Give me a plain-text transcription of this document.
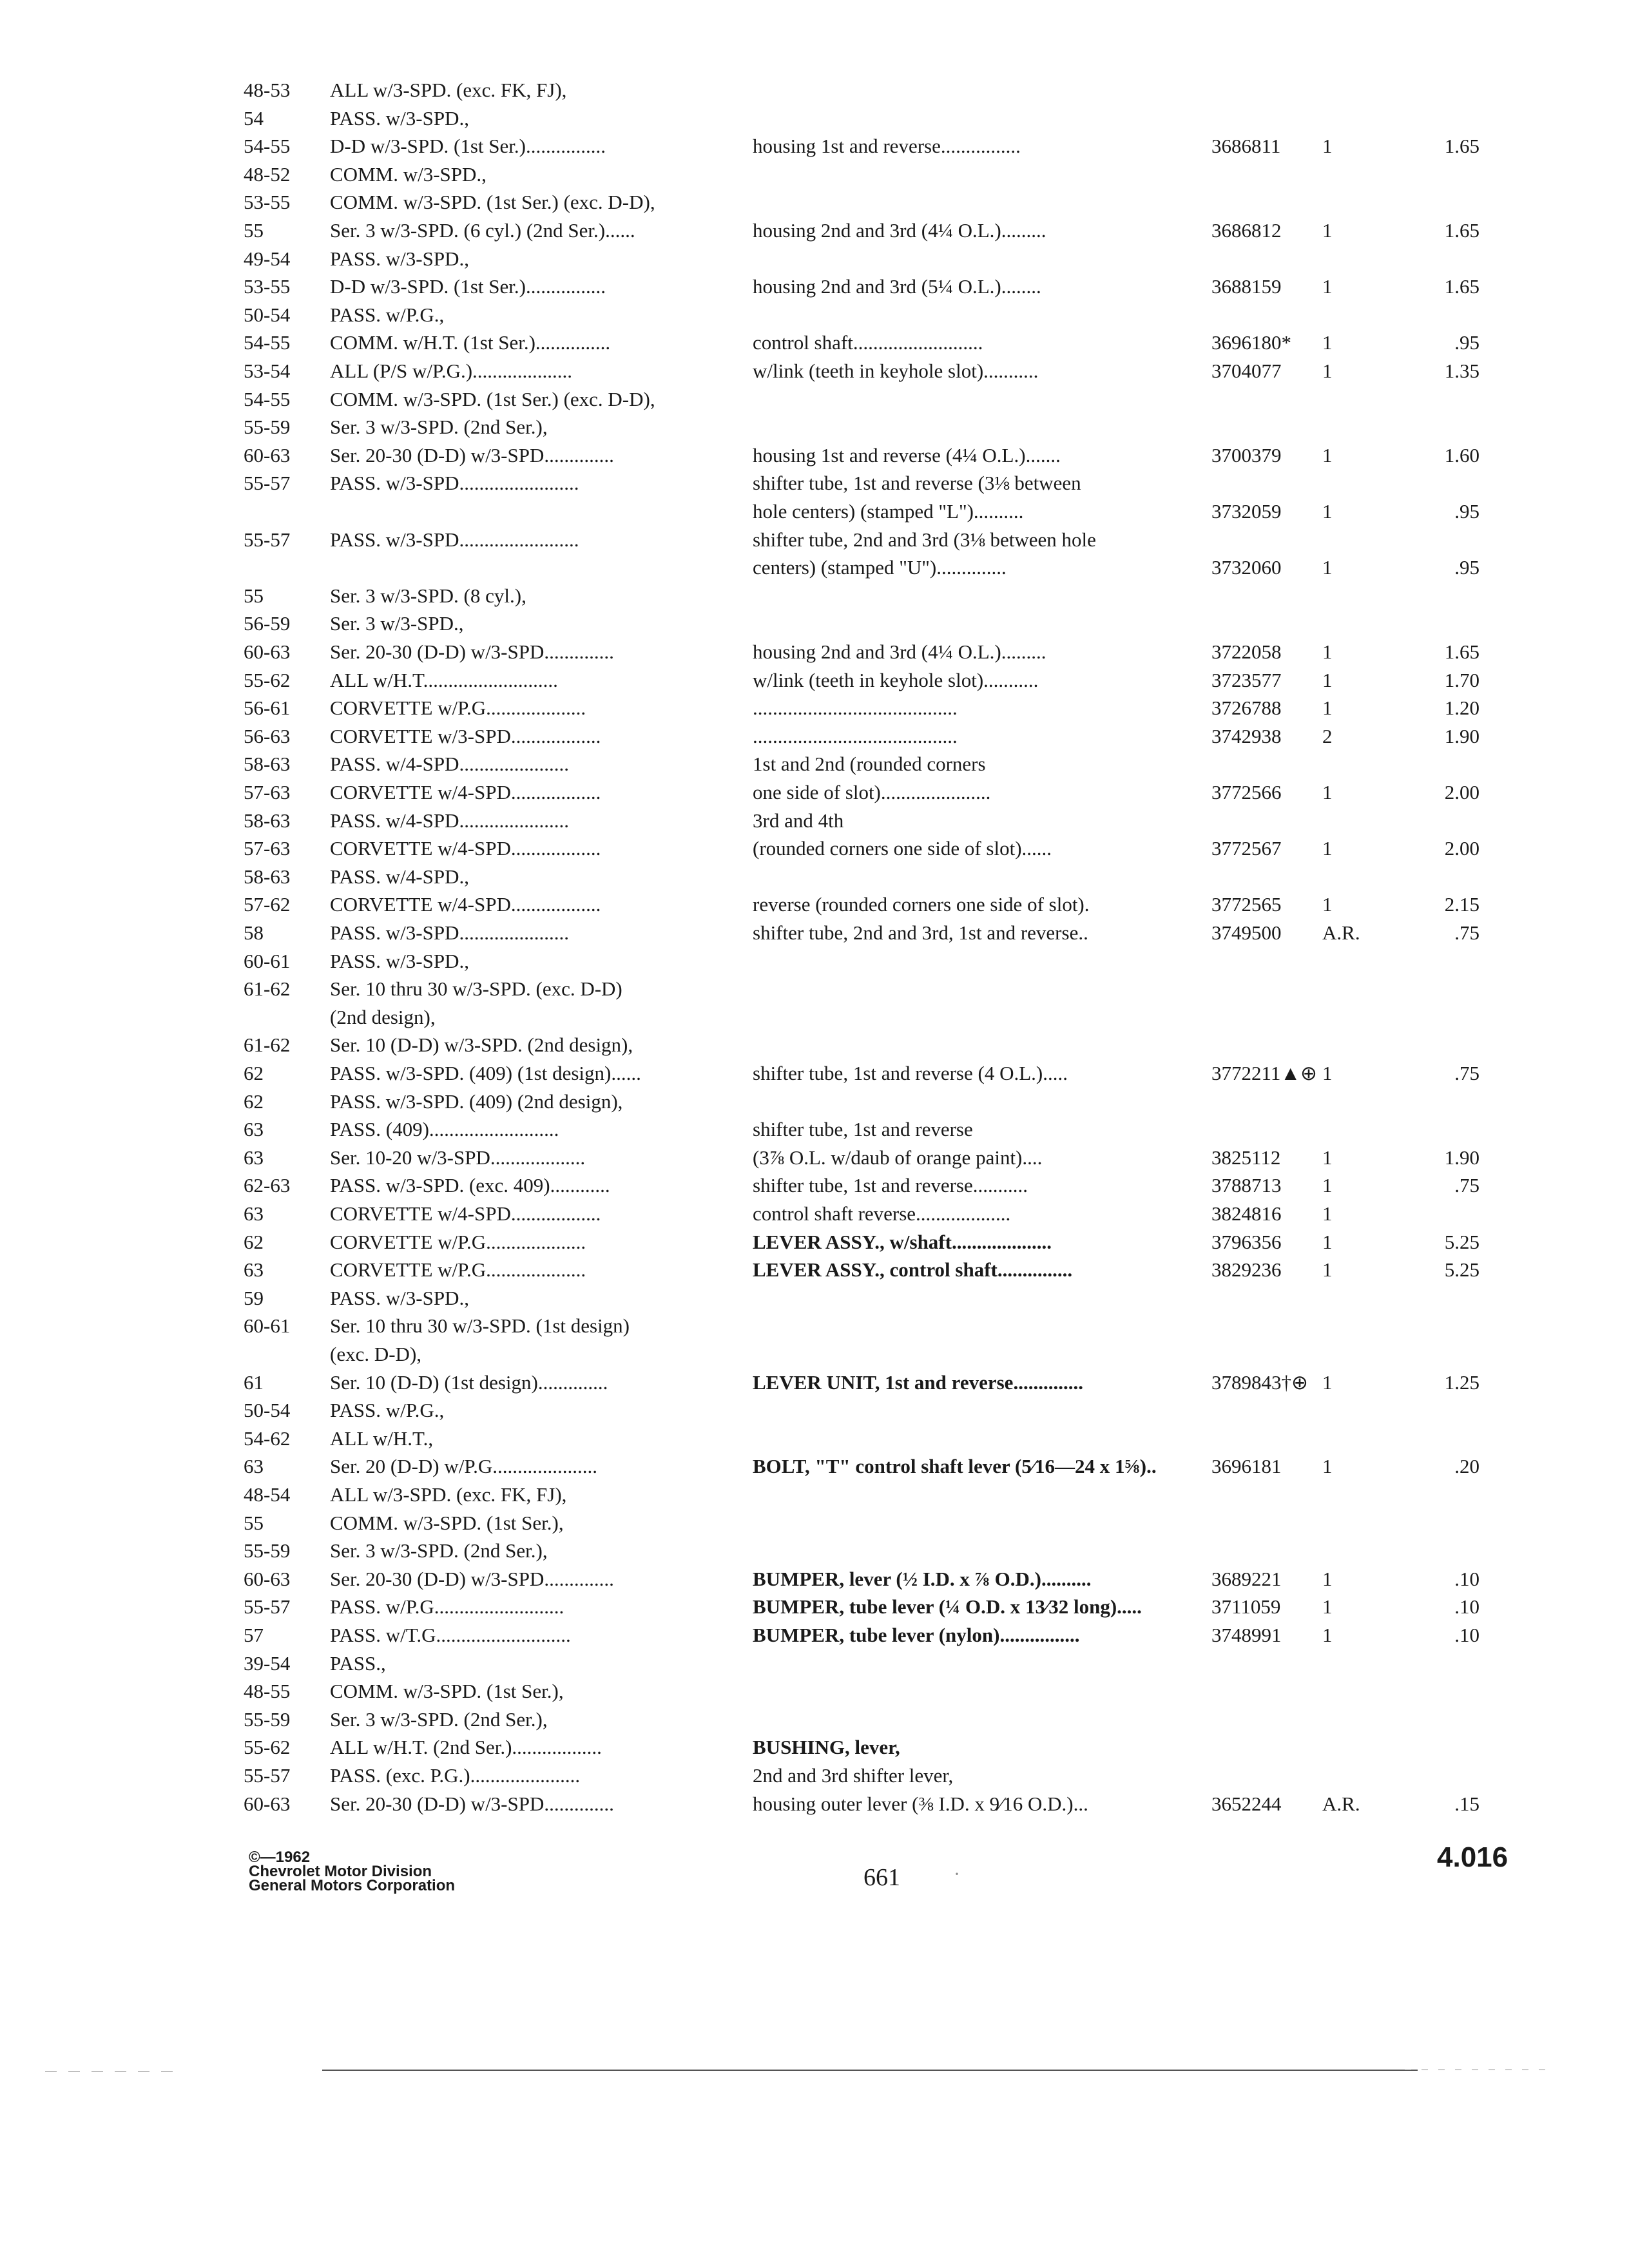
48-53	ALL w/3-SPD. (exc. FK, FJ),
54	PASS. w/3-SPD.,
54-55	D-D w/3-SPD. (1st Ser.)................	housing 1st and reverse................	3686811	1	1.65
48-52	COMM. w/3-SPD.,
53-55	COMM. w/3-SPD. (1st Ser.) (exc. D-D),
55	Ser. 3 w/3-SPD. (6 cyl.) (2nd Ser.)......	housing 2nd and 3rd (4¼ O.L.).........	3686812	1	1.65
49-54	PASS. w/3-SPD.,
53-55	D-D w/3-SPD. (1st Ser.)................	housing 2nd and 3rd (5¼ O.L.)........	3688159	1	1.65
50-54	PASS. w/P.G.,
54-55	COMM. w/H.T. (1st Ser.)...............	control shaft..........................	3696180*	1	.95
53-54	ALL (P/S w/P.G.)....................	w/link (teeth in keyhole slot)...........	3704077	1	1.35
54-55	COMM. w/3-SPD. (1st Ser.) (exc. D-D),
55-59	Ser. 3 w/3-SPD. (2nd Ser.),
60-63	Ser. 20-30 (D-D) w/3-SPD..............	housing 1st and reverse (4¼ O.L.).......	3700379	1	1.60
55-57	PASS. w/3-SPD........................	shifter tube, 1st and reverse (3⅛ between
hole centers) (stamped "L")..........	3732059	1	.95
55-57	PASS. w/3-SPD........................	shifter tube, 2nd and 3rd (3⅛ between hole
centers) (stamped "U")..............	3732060	1	.95
55	Ser. 3 w/3-SPD. (8 cyl.),
56-59	Ser. 3 w/3-SPD.,
60-63	Ser. 20-30 (D-D) w/3-SPD..............	housing 2nd and 3rd (4¼ O.L.).........	3722058	1	1.65
55-62	ALL w/H.T...........................	w/link (teeth in keyhole slot)...........	3723577	1	1.70
56-61	CORVETTE w/P.G....................	.........................................	3726788	1	1.20
56-63	CORVETTE w/3-SPD..................	.........................................	3742938	2	1.90
58-63	PASS. w/4-SPD......................	1st and 2nd (rounded corners
57-63	CORVETTE w/4-SPD..................	one side of slot)......................	3772566	1	2.00
58-63	PASS. w/4-SPD......................	3rd and 4th
57-63	CORVETTE w/4-SPD..................	(rounded corners one side of slot)......	3772567	1	2.00
58-63	PASS. w/4-SPD.,
57-62	CORVETTE w/4-SPD..................	reverse (rounded corners one side of slot).	3772565	1	2.15
58	PASS. w/3-SPD......................	shifter tube, 2nd and 3rd, 1st and reverse..	3749500	A.R.	.75
60-61	PASS. w/3-SPD.,
61-62	Ser. 10 thru 30 w/3-SPD. (exc. D-D)
(2nd design),
61-62	Ser. 10 (D-D) w/3-SPD. (2nd design),
62	PASS. w/3-SPD. (409) (1st design)......	shifter tube, 1st and reverse (4 O.L.).....	3772211▲⊕ 1	.75
62	PASS. w/3-SPD. (409) (2nd design),
63	PASS. (409)..........................	shifter tube, 1st and reverse
63	Ser. 10-20 w/3-SPD...................	(3⅞ O.L. w/daub of orange paint)....	3825112	1	1.90
62-63	PASS. w/3-SPD. (exc. 409)............	shifter tube, 1st and reverse...........	3788713	1	.75
63	CORVETTE w/4-SPD..................	control shaft reverse...................	3824816	1
62	CORVETTE w/P.G....................	LEVER ASSY., w/shaft....................	3796356	1	5.25
63	CORVETTE w/P.G....................	LEVER ASSY., control shaft...............	3829236	1	5.25
59	PASS. w/3-SPD.,
60-61	Ser. 10 thru 30 w/3-SPD. (1st design)
(exc. D-D),
61	Ser. 10 (D-D) (1st design)..............	LEVER UNIT, 1st and reverse..............	3789843†⊕ 1	1.25
50-54	PASS. w/P.G.,
54-62	ALL w/H.T.,
63	Ser. 20 (D-D) w/P.G.....................	BOLT, "T" control shaft lever (5⁄16—24 x 1⅝)..	3696181	1	.20
48-54	ALL w/3-SPD. (exc. FK, FJ),
55	COMM. w/3-SPD. (1st Ser.),
55-59	Ser. 3 w/3-SPD. (2nd Ser.),
60-63	Ser. 20-30 (D-D) w/3-SPD..............	BUMPER, lever (½ I.D. x ⅞ O.D.)..........	3689221	1	.10
55-57	PASS. w/P.G..........................	BUMPER, tube lever (¼ O.D. x 13⁄32 long).....	3711059	1	.10
57	PASS. w/T.G...........................	BUMPER, tube lever (nylon)................	3748991	1	.10
39-54	PASS.,
48-55	COMM. w/3-SPD. (1st Ser.),
55-59	Ser. 3 w/3-SPD. (2nd Ser.),
55-62	ALL w/H.T. (2nd Ser.)..................	BUSHING, lever,
55-57	PASS. (exc. P.G.)......................	2nd and 3rd shifter lever,
60-63	Ser. 20-30 (D-D) w/3-SPD..............	housing outer lever (⅜ I.D. x 9⁄16 O.D.)...	3652244	A.R.	.15
©—1962
Chevrolet Motor Division
General Motors Corporation	661	·
4.016
